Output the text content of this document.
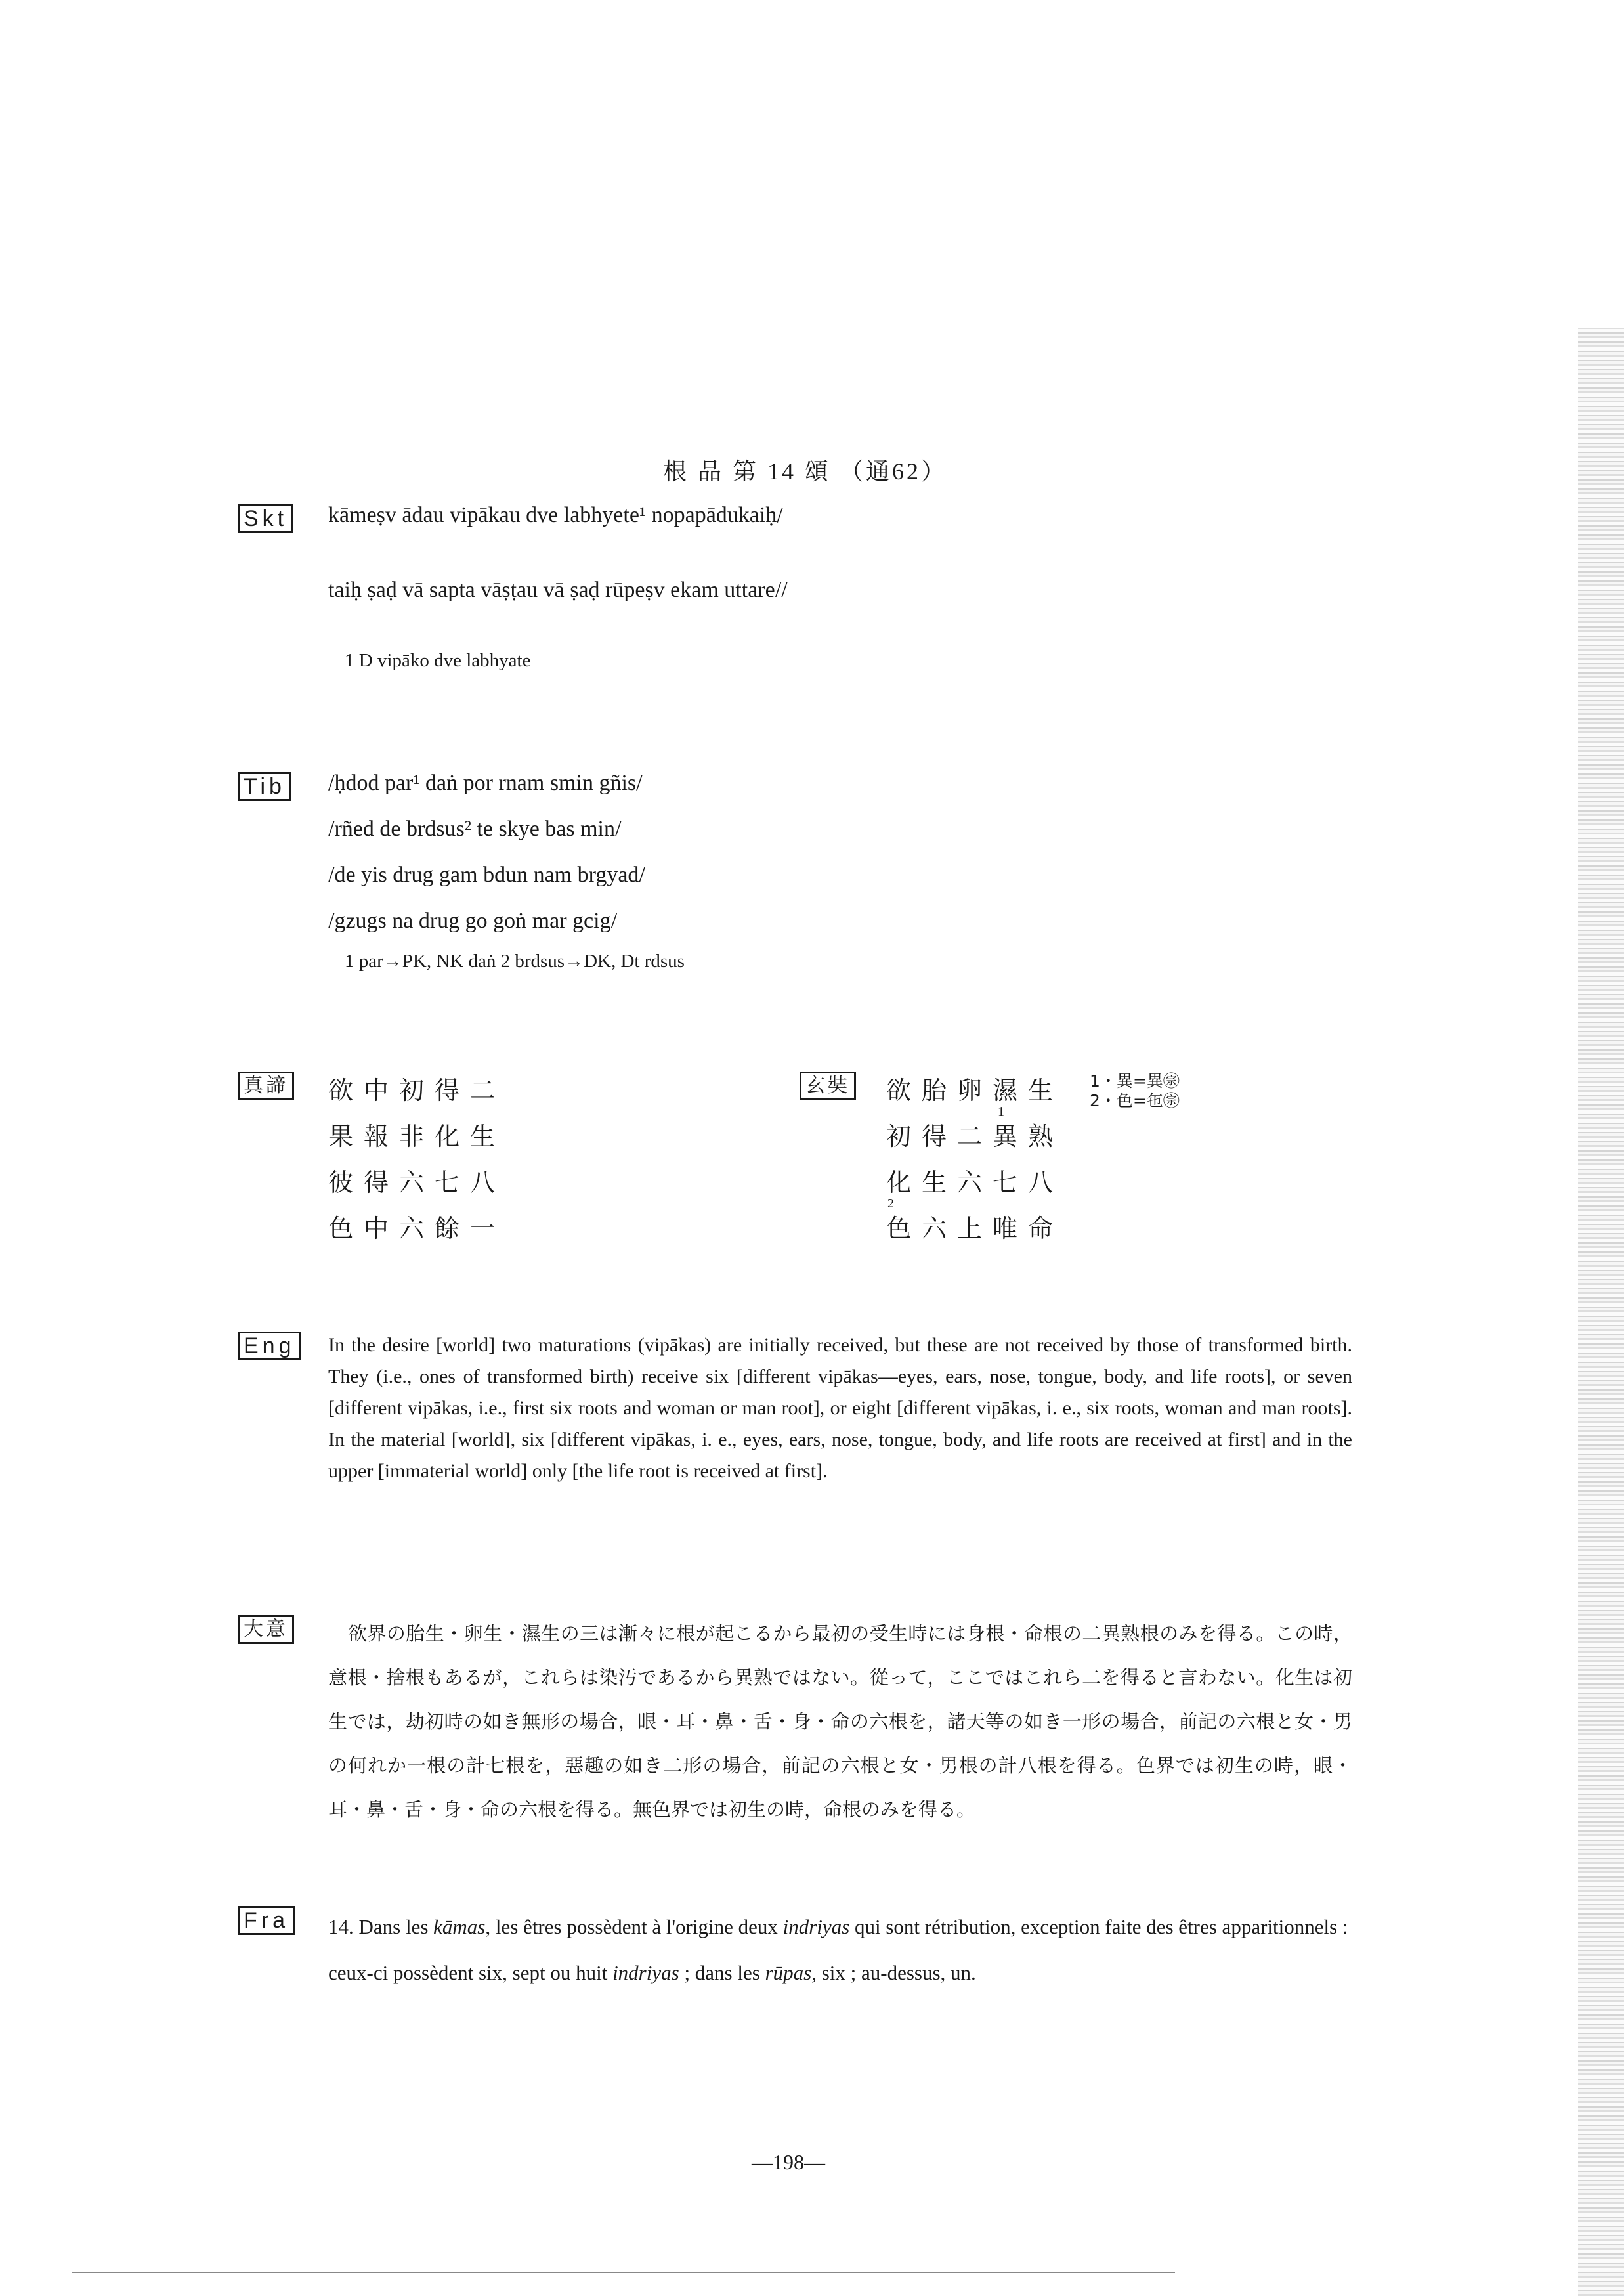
根 品 第 14 頌 （通62）
Skt kāmeṣv ādau vipākau dve labhyete¹ nopapādukaiḥ/
taiḥ ṣaḍ vā sapta vāṣṭau vā ṣaḍ rūpeṣv ekam uttare//
1 D vipāko dve labhyate
Tib /ḥdod par¹ daṅ por rnam smin gñis/
/rñed de brdsus² te skye bas min/
/de yis drug gam bdun nam brgyad/
/gzugs na drug go goṅ mar gcig/
1 par→PK, NK daṅ 2 brdsus→DK, Dt rdsus
真諦 欲中初得二
果報非化生
彼得六七八
色中六餘一
玄奘 欲胎卵濕生
初得二異熟
化生六七八
色六上唯命
1
2
1・異=異㊪
2・色=㐌㊪
Eng	In the desire [world] two maturations (vipākas) are initially received, but these are not received by those of transformed birth. They (i.e., ones of transformed birth) receive six [different vipākas—eyes, ears, nose, tongue, body, and life roots], or seven [different vipākas, i.e., first six roots and woman or man root], or eight [different vipākas, i. e., six roots, woman and man roots]. In the material [world], six [different vipākas, i. e., eyes, ears, nose, tongue, body, and life roots are received at first] and in the upper [immaterial world] only [the life root is received at first].
大意	欲界の胎生・卵生・濕生の三は漸々に根が起こるから最初の受生時には身根・命根の二異熟根のみを得る。この時，意根・捨根もあるが，これらは染汚であるから異熟ではない。從って，ここではこれら二を得ると言わない。化生は初生では，劫初時の如き無形の場合，眼・耳・鼻・舌・身・命の六根を，諸天等の如き一形の場合，前記の六根と女・男の何れか一根の計七根を，惡趣の如き二形の場合，前記の六根と女・男根の計八根を得る。色界では初生の時，眼・耳・鼻・舌・身・命の六根を得る。無色界では初生の時，命根のみを得る。
Fra 14. Dans les kāmas, les êtres possèdent à l'origine deux indriyas qui sont rétribution, exception faite des êtres apparitionnels : ceux-ci possèdent six, sept ou huit indriyas ; dans les rūpas, six ; au-dessus, un.
—198—
